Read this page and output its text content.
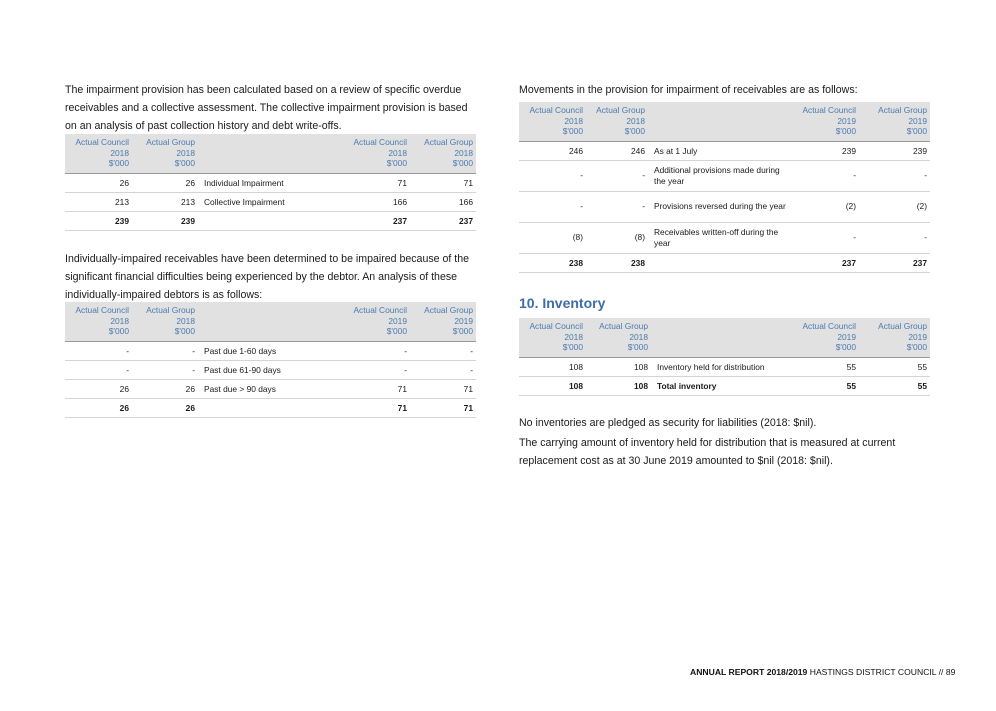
The impairment provision has been calculated based on a review of specific overdue receivables and a collective assessment. The collective impairment provision is based on an analysis of past collection history and debt write-offs.

Actual Council
2018
$'000	Actual Group
2018
$'000		Actual Council
2018
$'000	Actual Group
2018
$'000
26	26	Individual Impairment	71	71
213	213	Collective Impairment	166	166
239	239		237	237

Individually-impaired receivables have been determined to be impaired because of the significant financial difficulties being experienced by the debtor. An analysis of these individually-impaired debtors is as follows:

Actual Council
2018
$'000	Actual Group
2018
$'000		Actual Council
2019
$'000	Actual Group
2019
$'000
-	-	Past due 1-60 days	-	-
-	-	Past due 61-90 days	-	-
26	26	Past due > 90 days	71	71
26	26		71	71

Movements in the provision for impairment of receivables are as follows:

Actual Council
2018
$'000	Actual Group
2018
$'000		Actual Council
2019
$'000	Actual Group
2019
$'000
246	246	As at 1 July	239	239
-	-	Additional provisions made during the year	-	-
-	-	Provisions reversed during the year	(2)	(2)
(8)	(8)	Receivables written-off during the year	-	-
238	238		237	237
10. Inventory
Actual Council
2018
$'000	Actual Group
2018
$'000		Actual Council
2019
$'000	Actual Group
2019
$'000
108	108	Inventory held for distribution	55	55
108	108	Total inventory	55	55

No inventories are pledged as security for liabilities (2018: $nil).

The carrying amount of inventory held for distribution that is measured at current replacement cost as at 30 June 2019 amounted to $nil (2018: $nil).

ANNUAL REPORT 2018/2019 HASTINGS DISTRICT COUNCIL // 89
